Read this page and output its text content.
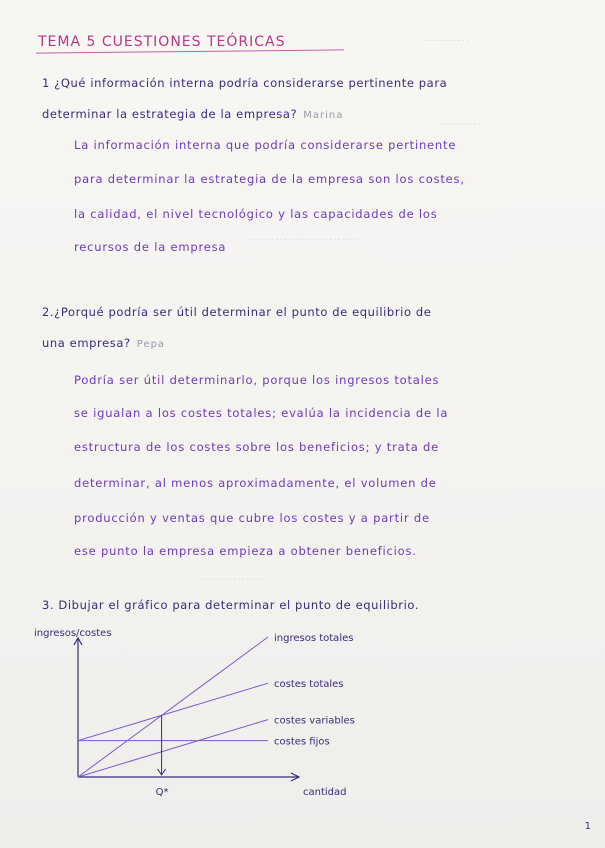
············
··········
··························
················
TEMA 5 CUESTIONES TEÓRICAS
1 ¿Qué información interna podría considerarse pertinente para
determinar la estrategia de la empresa? Marina
La información interna que podría considerarse pertinente
para determinar la estrategia de la empresa son los costes,
la calidad, el nivel tecnológico y las capacidades de los
recursos de la empresa
2.¿Porqué podría ser útil determinar el punto de equilibrio de
una empresa? Pepa
Podría ser útil determinarlo, porque los ingresos totales
se igualan a los costes totales; evalúa la incidencia de la
estructura de los costes sobre los beneficios; y trata de
determinar, al menos aproximadamente, el volumen de
producción y ventas que cubre los costes y a partir de
ese punto la empresa empieza a obtener beneficios.
3. Dibujar el gráfico para determinar el punto de equilibrio.
ingresos/costes
cantidad
ingresos totales
costes totales
costes variables
costes fijos
Q*
1
